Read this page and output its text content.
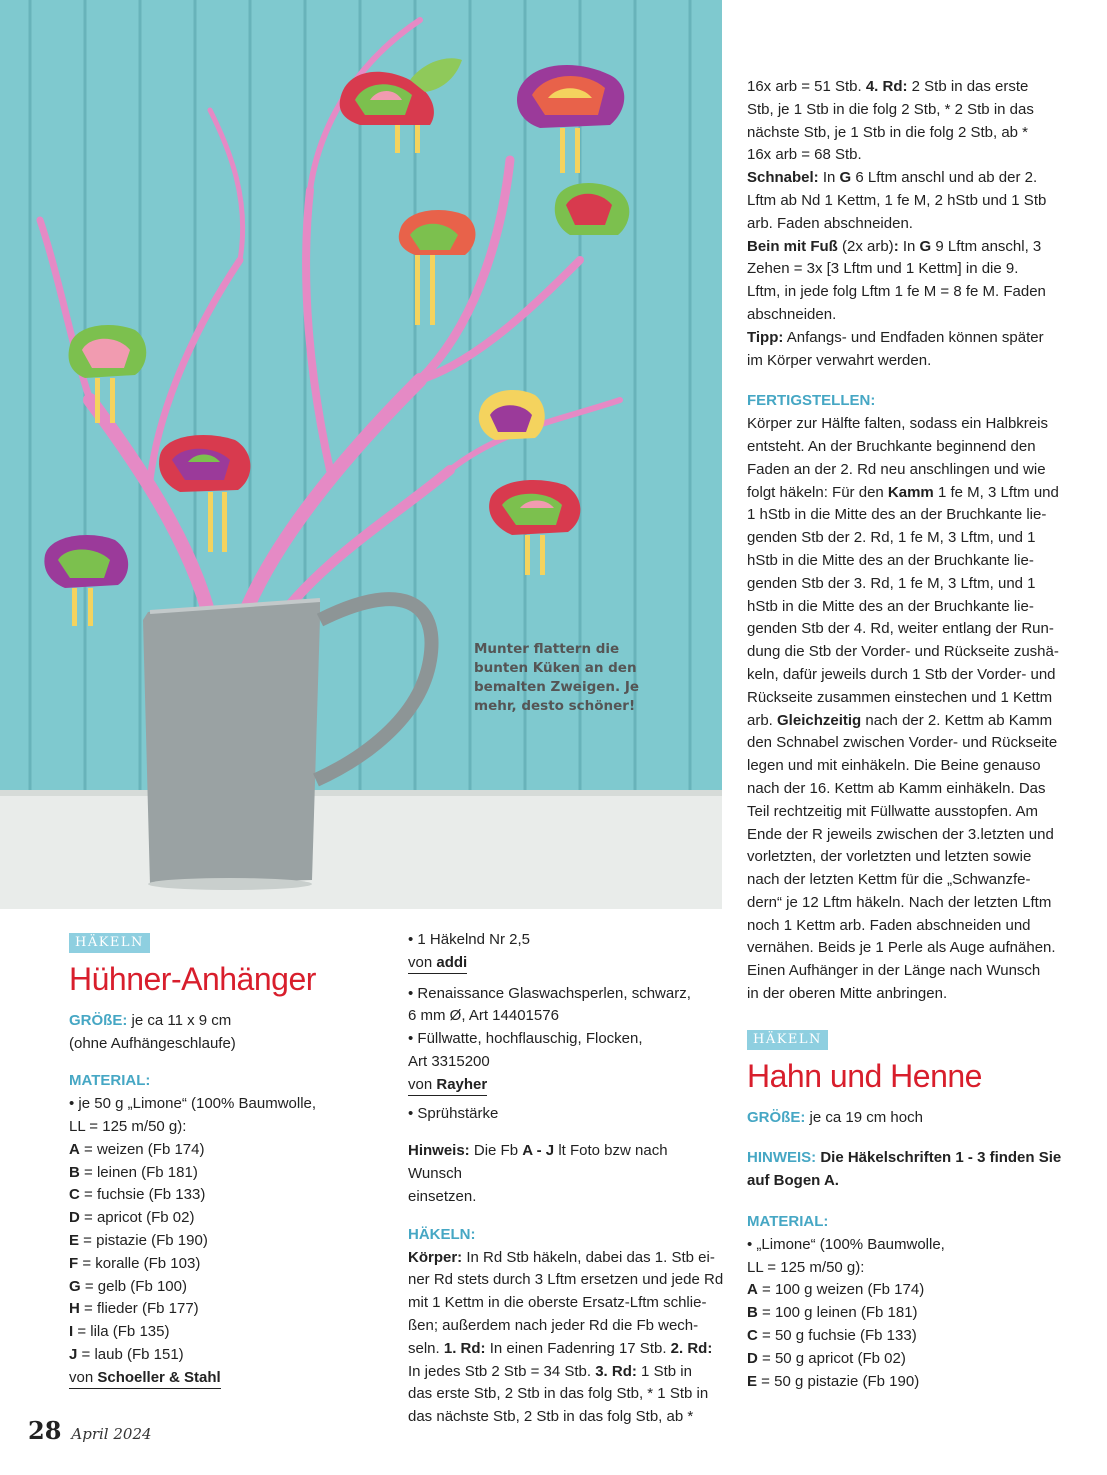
Munter flattern die bunten Küken an den bemalten Zweigen. Je mehr, desto schöner!

HÄKELN
Hühner-Anhänger

GRÖßE: je ca 11 x 9 cm

(ohne Aufhängeschlaufe)

MATERIAL:

• je 50 g „Limone“ (100% Baumwolle,

LL = 125 m/50 g):

A = weizen (Fb 174)

B = leinen (Fb 181)

C = fuchsie (Fb 133)

D = apricot (Fb 02)

E = pistazie (Fb 190)

F = koralle (Fb 103)

G = gelb (Fb 100)

H = flieder (Fb 177)

I = lila (Fb 135)

J = laub (Fb 151)

von Schoeller & Stahl

• 1 Häkelnd Nr 2,5

von addi

• Renaissance Glaswachsperlen, schwarz,

6 mm Ø, Art 14401576

• Füllwatte, hochflauschig, Flocken,

Art 3315200

von Rayher

• Sprühstärke

Hinweis: Die Fb A - J lt Foto bzw nach Wunsch

einsetzen.

HÄKELN:

Körper: In Rd Stb häkeln, dabei das 1. Stb ei-

ner Rd stets durch 3 Lftm ersetzen und jede Rd

mit 1 Kettm in die oberste Ersatz-Lftm schlie-

ßen; außerdem nach jeder Rd die Fb wech-

seln. 1. Rd: In einen Fadenring 17 Stb. 2. Rd:

In jedes Stb 2 Stb = 34 Stb. 3. Rd: 1 Stb in

das erste Stb, 2 Stb in das folg Stb, * 1 Stb in

das nächste Stb, 2 Stb in das folg Stb, ab *

16x arb = 51 Stb. 4. Rd: 2 Stb in das erste

Stb, je 1 Stb in die folg 2 Stb, * 2 Stb in das

nächste Stb, je 1 Stb in die folg 2 Stb, ab *

16x arb = 68 Stb.

Schnabel: In G 6 Lftm anschl und ab der 2.

Lftm ab Nd 1 Kettm, 1 fe M, 2 hStb und 1 Stb

arb. Faden abschneiden.

Bein mit Fuß (2x arb): In G 9 Lftm anschl, 3

Zehen = 3x [3 Lftm und 1 Kettm] in die 9.

Lftm, in jede folg Lftm 1 fe M = 8 fe M. Faden

abschneiden.

Tipp: Anfangs- und Endfaden können später

im Körper verwahrt werden.

FERTIGSTELLEN:

Körper zur Hälfte falten, sodass ein Halbkreis

entsteht. An der Bruchkante beginnend den

Faden an der 2. Rd neu anschlingen und wie

folgt häkeln: Für den Kamm 1 fe M, 3 Lftm und

1 hStb in die Mitte des an der Bruchkante lie-

genden Stb der 2. Rd, 1 fe M, 3 Lftm, und 1

hStb in die Mitte des an der Bruchkante lie-

genden Stb der 3. Rd, 1 fe M, 3 Lftm, und 1

hStb in die Mitte des an der Bruchkante lie-

genden Stb der 4. Rd, weiter entlang der Run-

dung die Stb der Vorder- und Rückseite zushä-

keln, dafür jeweils durch 1 Stb der Vorder- und

Rückseite zusammen einstechen und 1 Kettm

arb. Gleichzeitig nach der 2. Kettm ab Kamm

den Schnabel zwischen Vorder- und Rückseite

legen und mit einhäkeln. Die Beine genauso

nach der 16. Kettm ab Kamm einhäkeln. Das

Teil rechtzeitig mit Füllwatte ausstopfen. Am

Ende der R jeweils zwischen der 3.letzten und

vorletzten, der vorletzten und letzten sowie

nach der letzten Kettm für die „Schwanzfe-

dern“ je 12 Lftm häkeln. Nach der letzten Lftm

noch 1 Kettm arb. Faden abschneiden und

vernähen. Beids je 1 Perle als Auge aufnähen.

Einen Aufhänger in der Länge nach Wunsch

in der oberen Mitte anbringen.

HÄKELN
Hahn und Henne

GRÖßE: je ca 19 cm hoch

HINWEIS: Die Häkelschriften 1 - 3 finden Sie

auf Bogen A.

MATERIAL:

• „Limone“ (100% Baumwolle,

LL = 125 m/50 g):

A = 100 g weizen (Fb 174)

B = 100 g leinen (Fb 181)

C = 50 g fuchsie (Fb 133)

D = 50 g apricot (Fb 02)

E = 50 g pistazie (Fb 190)

28 April 2024
